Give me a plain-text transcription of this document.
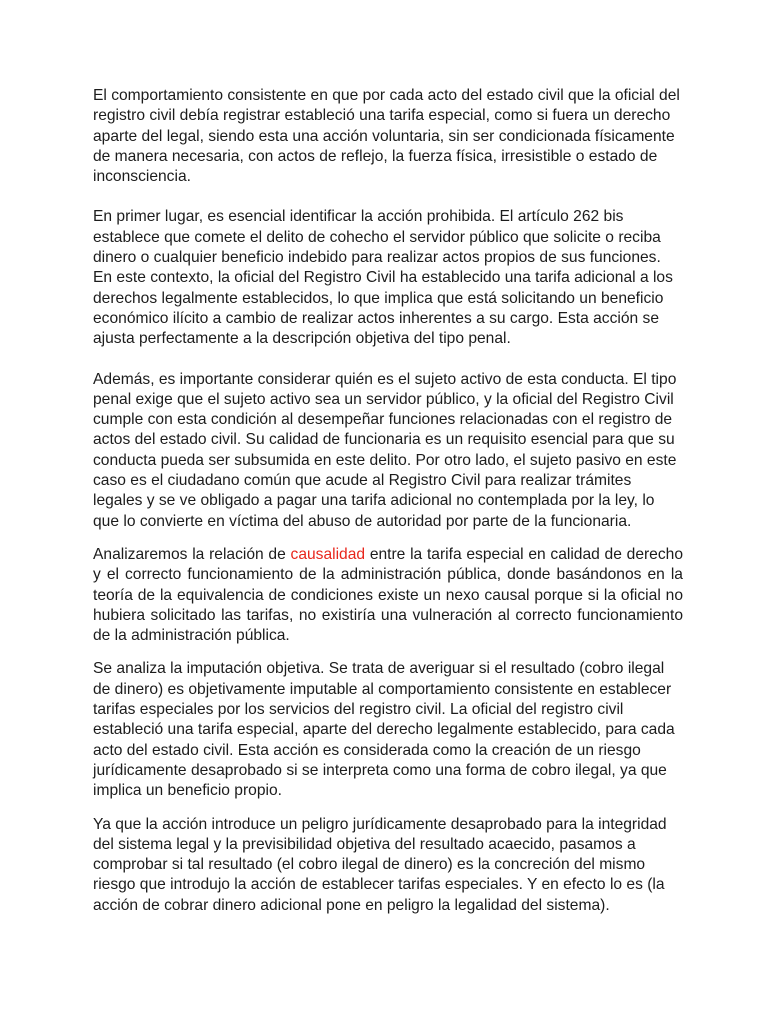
El comportamiento consistente en que por cada acto del estado civil que la oficial del registro civil debía registrar estableció una tarifa especial, como si fuera un derecho aparte del legal, siendo esta una acción voluntaria, sin ser condicionada físicamente de manera necesaria, con actos de reflejo, la fuerza física, irresistible o estado de inconsciencia.

En primer lugar, es esencial identificar la acción prohibida. El artículo 262 bis establece que comete el delito de cohecho el servidor público que solicite o reciba dinero o cualquier beneficio indebido para realizar actos propios de sus funciones. En este contexto, la oficial del Registro Civil ha establecido una tarifa adicional a los derechos legalmente establecidos, lo que implica que está solicitando un beneficio económico ilícito a cambio de realizar actos inherentes a su cargo. Esta acción se ajusta perfectamente a la descripción objetiva del tipo penal.

Además, es importante considerar quién es el sujeto activo de esta conducta. El tipo penal exige que el sujeto activo sea un servidor público, y la oficial del Registro Civil cumple con esta condición al desempeñar funciones relacionadas con el registro de actos del estado civil. Su calidad de funcionaria es un requisito esencial para que su conducta pueda ser subsumida en este delito. Por otro lado, el sujeto pasivo en este caso es el ciudadano común que acude al Registro Civil para realizar trámites legales y se ve obligado a pagar una tarifa adicional no contemplada por la ley, lo que lo convierte en víctima del abuso de autoridad por parte de la funcionaria.

Analizaremos la relación de causalidad entre la tarifa especial en calidad de derecho y el correcto funcionamiento de la administración pública, donde basándonos en la teoría de la equivalencia de condiciones existe un nexo causal porque si la oficial no hubiera solicitado las tarifas, no existiría una vulneración al correcto funcionamiento de la administración pública.

Se analiza la imputación objetiva. Se trata de averiguar si el resultado (cobro ilegal de dinero) es objetivamente imputable al comportamiento consistente en establecer tarifas especiales por los servicios del registro civil. La oficial del registro civil estableció una tarifa especial, aparte del derecho legalmente establecido, para cada acto del estado civil. Esta acción es considerada como la creación de un riesgo jurídicamente desaprobado si se interpreta como una forma de cobro ilegal, ya que implica un beneficio propio.

Ya que la acción introduce un peligro jurídicamente desaprobado para la integridad del sistema legal y la previsibilidad objetiva del resultado acaecido, pasamos a comprobar si tal resultado (el cobro ilegal de dinero) es la concreción del mismo riesgo que introdujo la acción de establecer tarifas especiales. Y en efecto lo es (la acción de cobrar dinero adicional pone en peligro la legalidad del sistema).
